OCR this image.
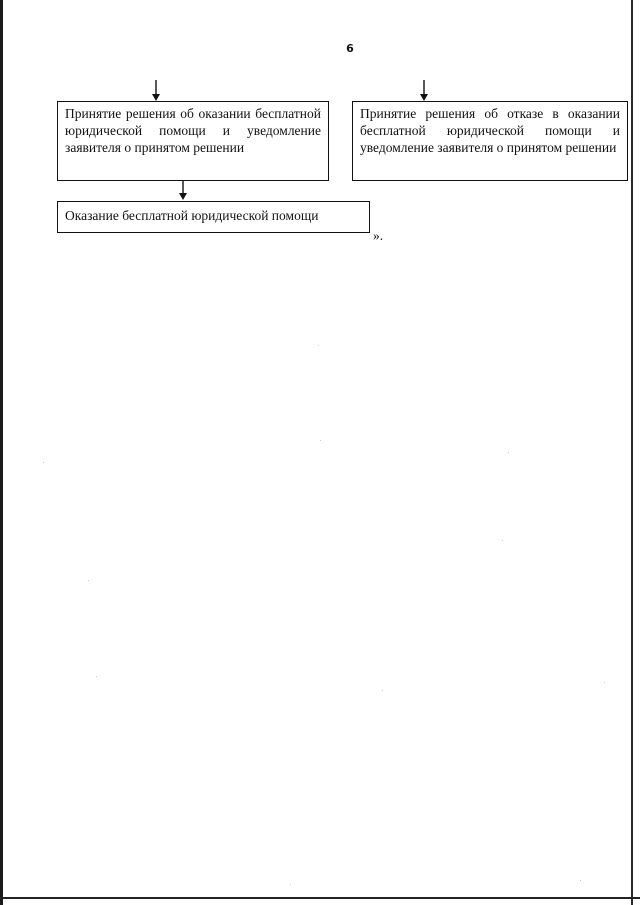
6
Принятие решения об оказании бесплатной юридической помощи и уведомление заявителя о принятом решении
Принятие решения об отказе в оказании бесплатной юридической помощи и уведомление заявителя о принятом решении
Оказание бесплатной юридической помощи
».
